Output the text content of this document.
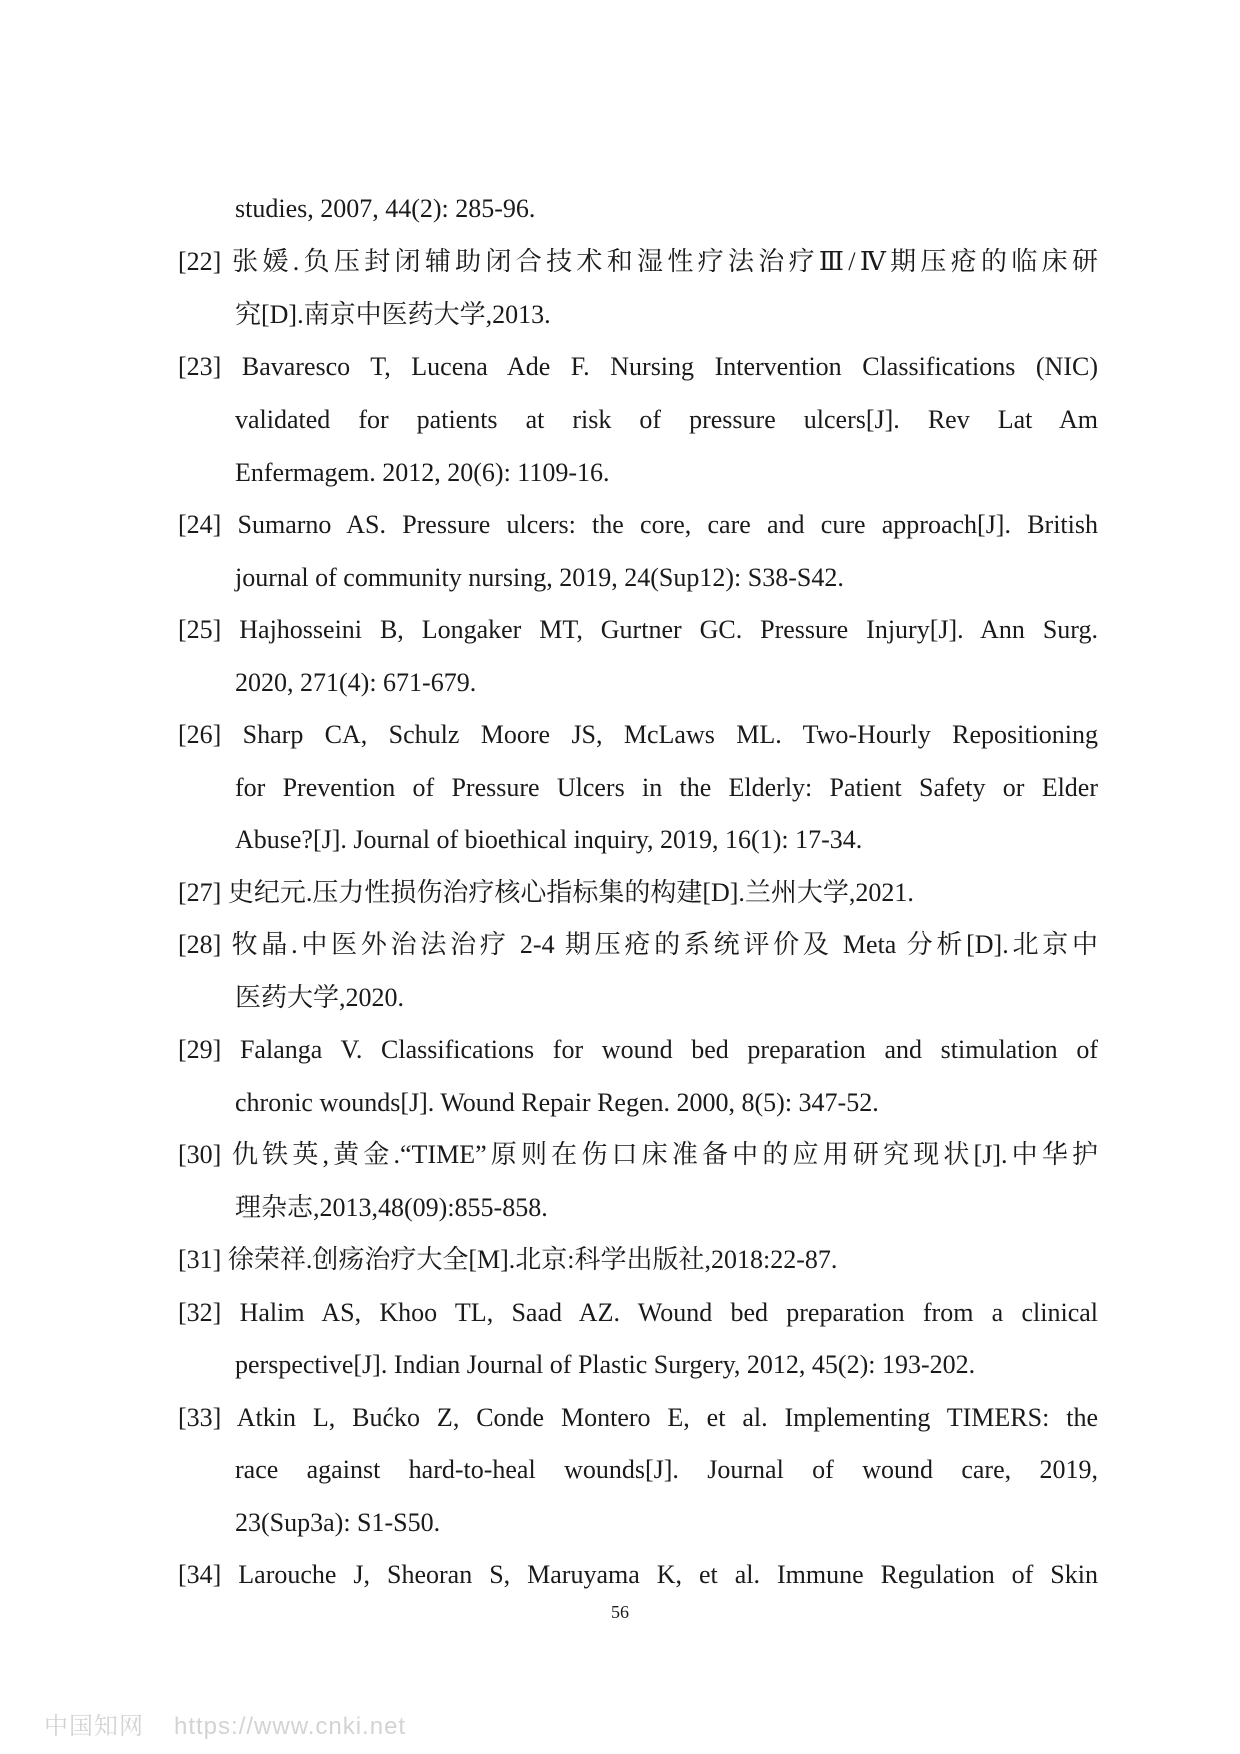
studies, 2007, 44(2): 285-96.
[22] 张媛.负压封闭辅助闭合技术和湿性疗法治疗Ⅲ/Ⅳ期压疮的临床研
究[D].南京中医药大学,2013.
[23] Bavaresco T, Lucena Ade F. Nursing Intervention Classifications (NIC)
validated for patients at risk of pressure ulcers[J]. Rev Lat Am
Enfermagem. 2012, 20(6): 1109-16.
[24] Sumarno AS. Pressure ulcers: the core, care and cure approach[J]. British
journal of community nursing, 2019, 24(Sup12): S38-S42.
[25] Hajhosseini B, Longaker MT, Gurtner GC. Pressure Injury[J]. Ann Surg.
2020, 271(4): 671-679.
[26] Sharp CA, Schulz Moore JS, McLaws ML. Two-Hourly Repositioning
for Prevention of Pressure Ulcers in the Elderly: Patient Safety or Elder
Abuse?[J]. Journal of bioethical inquiry, 2019, 16(1): 17-34.
[27] 史纪元.压力性损伤治疗核心指标集的构建[D].兰州大学,2021.
[28] 牧晶.中医外治法治疗 2-4 期压疮的系统评价及 Meta 分析[D].北京中
医药大学,2020.
[29] Falanga V. Classifications for wound bed preparation and stimulation of
chronic wounds[J]. Wound Repair Regen. 2000, 8(5): 347-52.
[30] 仇铁英,黄金.“TIME”原则在伤口床准备中的应用研究现状[J].中华护
理杂志,2013,48(09):855-858.
[31] 徐荣祥.创疡治疗大全[M].北京:科学出版社,2018:22-87.
[32] Halim AS, Khoo TL, Saad AZ. Wound bed preparation from a clinical
perspective[J]. Indian Journal of Plastic Surgery, 2012, 45(2): 193-202.
[33] Atkin L, Bućko Z, Conde Montero E, et al. Implementing TIMERS: the
race against hard-to-heal wounds[J]. Journal of wound care, 2019,
23(Sup3a): S1-S50.
[34] Larouche J, Sheoran S, Maruyama K, et al. Immune Regulation of Skin
56
中国知网 https://www.cnki.net
